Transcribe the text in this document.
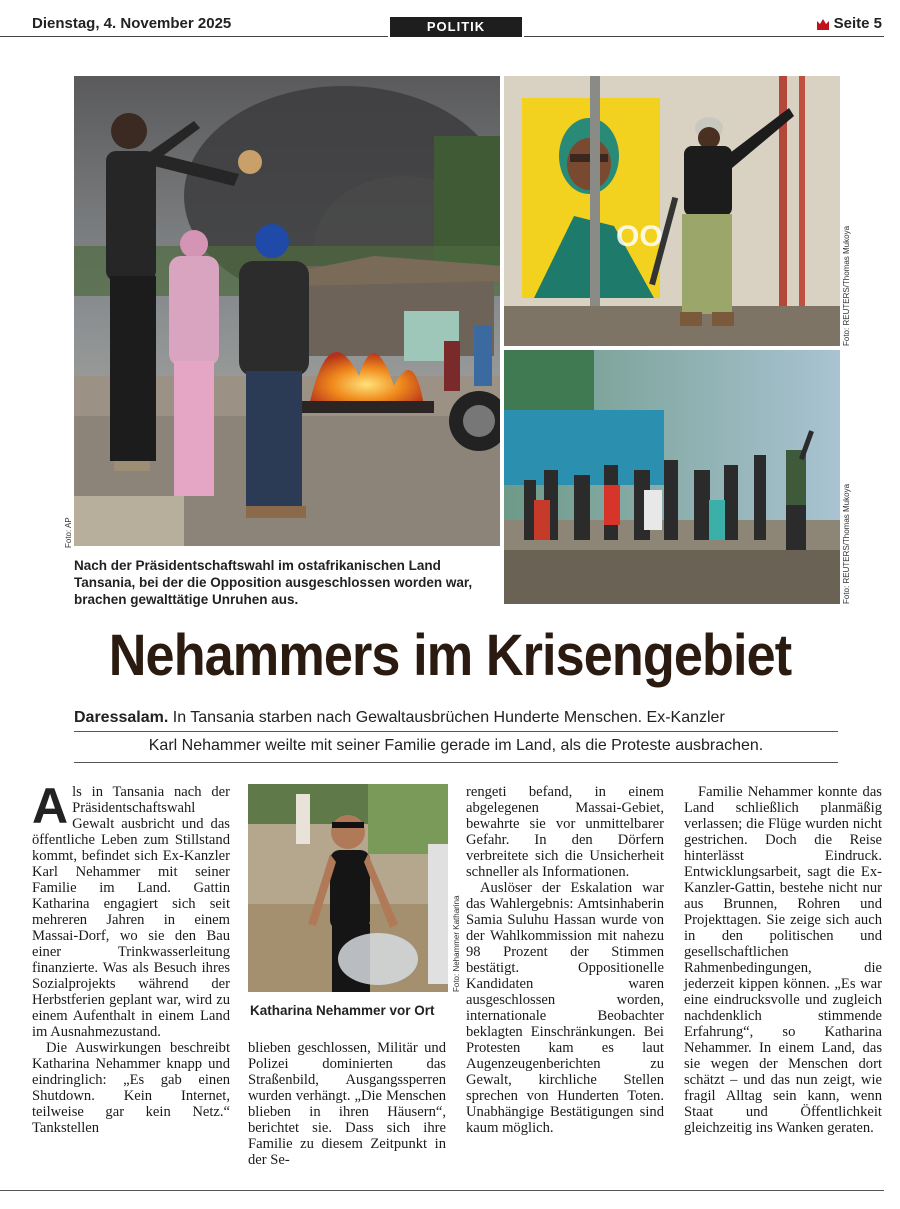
Dienstag, 4. November 2025	POLITIK	Seite 5
Foto: AP
OO	Foto: REUTERS/Thomas Mukoya
Foto: REUTERS/Thomas Mukoya
Nach der Präsidentschaftswahl im ostafrikanischen Land Tansania, bei der die Opposition ausgeschlossen worden war, brachen gewalttätige Unruhen aus.
Nehammers im Krisengebiet
Daressalam. In Tansania starben nach Gewaltausbrüchen Hunderte Menschen. Ex-Kanzler
Karl Nehammer weilte mit seiner Familie gerade im Land, als die Proteste ausbrachen.
A ls in Tansania nach der Präsidentschaftswahl Gewalt ausbricht und das öffentliche Leben zum Stillstand kommt, befindet sich Ex-Kanzler Karl Nehammer mit seiner Familie im Land. Gattin Katharina engagiert sich seit mehreren Jahren in einem Massai-Dorf, wo sie den Bau einer Trinkwasserleitung finanzierte. Was als Besuch ihres Sozialprojekts während der Herbstferien geplant war, wird zu einem Aufenthalt in einem Land im Ausnahmezustand.

Die Auswirkungen beschreibt Katharina Nehammer knapp und eindringlich: „Es gab einen Shutdown. Kein Internet, teilweise gar kein Netz.“ Tankstellen

Foto: Nehammer Katharina
Katharina Nehammer vor Ort

blieben geschlossen, Militär und Polizei dominierten das Straßenbild, Ausgangssperren wurden verhängt. „Die Menschen blieben in ihren Häusern“, berichtet sie. Dass sich ihre Familie zu diesem Zeitpunkt in der Se-

rengeti befand, in einem abgelegenen Massai-Gebiet, bewahrte sie vor unmittelbarer Gefahr. In den Dörfern verbreitete sich die Unsicherheit schneller als Informationen.

Auslöser der Eskalation war das Wahlergebnis: Amtsinhaberin Samia Suluhu Hassan wurde von der Wahlkommission mit nahezu 98 Prozent der Stimmen bestätigt. Oppositionelle Kandidaten waren ausgeschlossen worden, internationale Beobachter beklagten Einschränkungen. Bei Protesten kam es laut Augenzeugenberichten zu Gewalt, kirchliche Stellen sprechen von Hunderten Toten. Unabhängige Bestätigungen sind kaum möglich.

Familie Nehammer konnte das Land schließlich planmäßig verlassen; die Flüge wurden nicht gestrichen. Doch die Reise hinterlässt Eindruck. Entwicklungsarbeit, sagt die Ex-Kanzler-Gattin, bestehe nicht nur aus Brunnen, Rohren und Projekttagen. Sie zeige sich auch in den politischen und gesellschaftlichen Rahmenbedingungen, die jederzeit kippen können. „Es war eine eindrucksvolle und zugleich nachdenklich stimmende Erfahrung“, so Katharina Nehammer. In einem Land, das sie wegen der Menschen dort schätzt – und das nun zeigt, wie fragil Alltag sein kann, wenn Staat und Öffentlichkeit gleichzeitig ins Wanken geraten.
